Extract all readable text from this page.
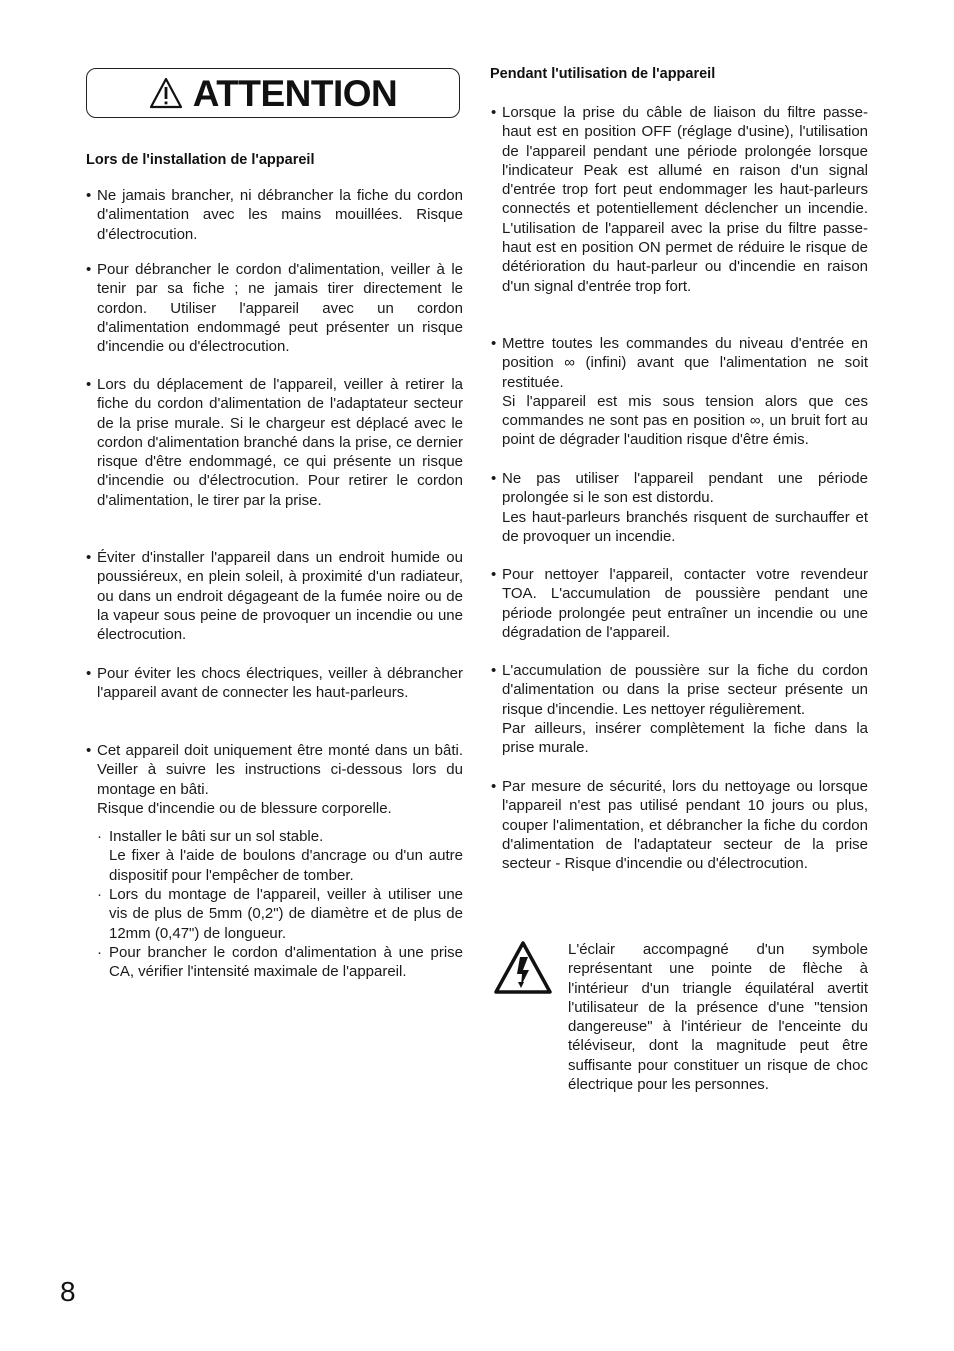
ATTENTION
Lors de l'installation de l'appareil

• Ne jamais brancher, ni débrancher la fiche du cordon d'alimentation avec les mains mouillées. Risque d'électrocution.

• Pour débrancher le cordon d'alimentation, veiller à le tenir par sa fiche ; ne jamais tirer directement le cordon. Utiliser l'appareil avec un cordon d'alimentation endommagé peut présenter un risque d'incendie ou d'électrocution.

• Lors du déplacement de l'appareil, veiller à retirer la fiche du cordon d'alimentation de l'adaptateur secteur de la prise murale. Si le chargeur est déplacé avec le cordon d'alimentation branché dans la prise, ce dernier risque d'être endommagé, ce qui présente un risque d'incendie ou d'électrocution. Pour retirer le cordon d'alimentation, le tirer par la prise.

• Éviter d'installer l'appareil dans un endroit humide ou poussiéreux, en plein soleil, à proximité d'un radiateur, ou dans un endroit dégageant de la fumée noire ou de la vapeur sous peine de provoquer un incendie ou une électrocution.

• Pour éviter les chocs électriques, veiller à débrancher l'appareil avant de connecter les haut-parleurs.

• Cet appareil doit uniquement être monté dans un bâti. Veiller à suivre les instructions ci-dessous lors du montage en bâti.

Risque d'incendie ou de blessure corporelle.

· Installer le bâti sur un sol stable.
Le fixer à l'aide de boulons d'ancrage ou d'un autre dispositif pour l'empêcher de tomber.
· Lors du montage de l'appareil, veiller à utiliser une vis de plus de 5mm (0,2") de diamètre et de plus de 12mm (0,47") de longueur.
· Pour brancher le cordon d'alimentation à une prise CA, vérifier l'intensité maximale de l'appareil.
Pendant l'utilisation de l'appareil
• Lorsque la prise du câble de liaison du filtre passe-haut est en position OFF (réglage d'usine), l'utilisation de l'appareil pendant une période prolongée lorsque l'indicateur Peak est allumé en raison d'un signal d'entrée trop fort peut endommager les haut-parleurs connectés et potentiellement déclencher un incendie. L'utilisation de l'appareil avec la prise du filtre passe-haut est en position ON permet de réduire le risque de détérioration du haut-parleur ou d'incendie en raison d'un signal d'entrée trop fort.
• Mettre toutes les commandes du niveau d'entrée en position ∞ (infini) avant que l'alimentation ne soit restituée.
Si l'appareil est mis sous tension alors que ces commandes ne sont pas en position ∞, un bruit fort au point de dégrader l'audition risque d'être émis.
• Ne pas utiliser l'appareil pendant une période prolongée si le son est distordu.
Les haut-parleurs branchés risquent de surchauffer et de provoquer un incendie.
• Pour nettoyer l'appareil, contacter votre revendeur TOA. L'accumulation de poussière pendant une période prolongée peut entraîner un incendie ou une dégradation de l'appareil.
• L'accumulation de poussière sur la fiche du cordon d'alimentation ou dans la prise secteur présente un risque d'incendie. Les nettoyer régulièrement.
Par ailleurs, insérer complètement la fiche dans la prise murale.
• Par mesure de sécurité, lors du nettoyage ou lorsque l'appareil n'est pas utilisé pendant 10 jours ou plus, couper l'alimentation, et débrancher la fiche du cordon d'alimentation de l'adaptateur secteur de la prise secteur - Risque d'incendie ou d'électrocution.

L'éclair accompagné d'un symbole représentant une pointe de flèche à l'intérieur d'un triangle équilatéral avertit l'utilisateur de la présence d'une "tension dangereuse" à l'intérieur de l'enceinte du téléviseur, dont la magnitude peut être suffisante pour constituer un risque de choc électrique pour les personnes.

8
